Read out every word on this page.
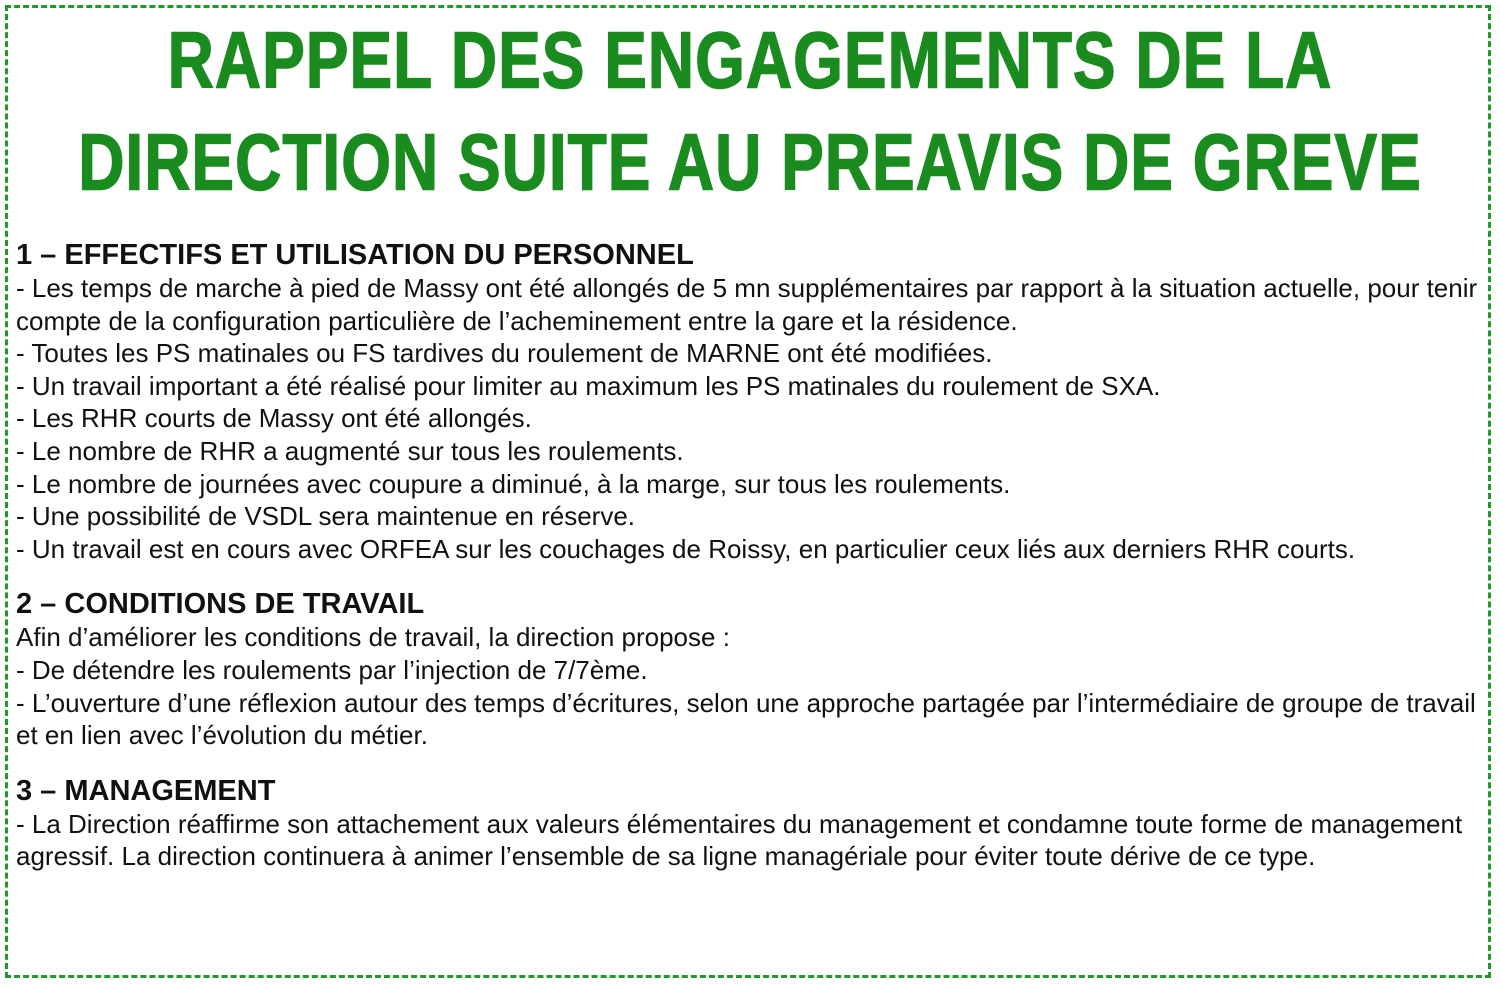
RAPPEL DES ENGAGEMENTS DE LA
DIRECTION SUITE AU PREAVIS DE GREVE

1 – EFFECTIFS ET UTILISATION DU PERSONNEL

- Les temps de marche à pied de Massy ont été allongés de 5 mn supplémentaires par rapport à la situation actuelle, pour tenir compte de la configuration particulière de l’acheminement entre la gare et la résidence.

- Toutes les PS matinales ou FS tardives du roulement de MARNE ont été modifiées.

- Un travail important a été réalisé pour limiter au maximum les PS matinales du roulement de SXA.

- Les RHR courts de Massy ont été allongés.

- Le nombre de RHR a augmenté sur tous les roulements.

- Le nombre de journées avec coupure a diminué, à la marge, sur tous les roulements.

- Une possibilité de VSDL sera maintenue en réserve.

- Un travail est en cours avec ORFEA sur les couchages de Roissy, en particulier ceux liés aux derniers RHR courts.

2 – CONDITIONS DE TRAVAIL

Afin d’améliorer les conditions de travail, la direction propose :

- De détendre les roulements par l’injection de 7/7ème.

- L’ouverture d’une réflexion autour des temps d’écritures, selon une approche partagée par l’intermédiaire de groupe de travail et en lien avec l’évolution du métier.

3 – MANAGEMENT

- La Direction réaffirme son attachement aux valeurs élémentaires du management et condamne toute forme de management agressif. La direction continuera à animer l’ensemble de sa ligne managériale pour éviter toute dérive de ce type.
